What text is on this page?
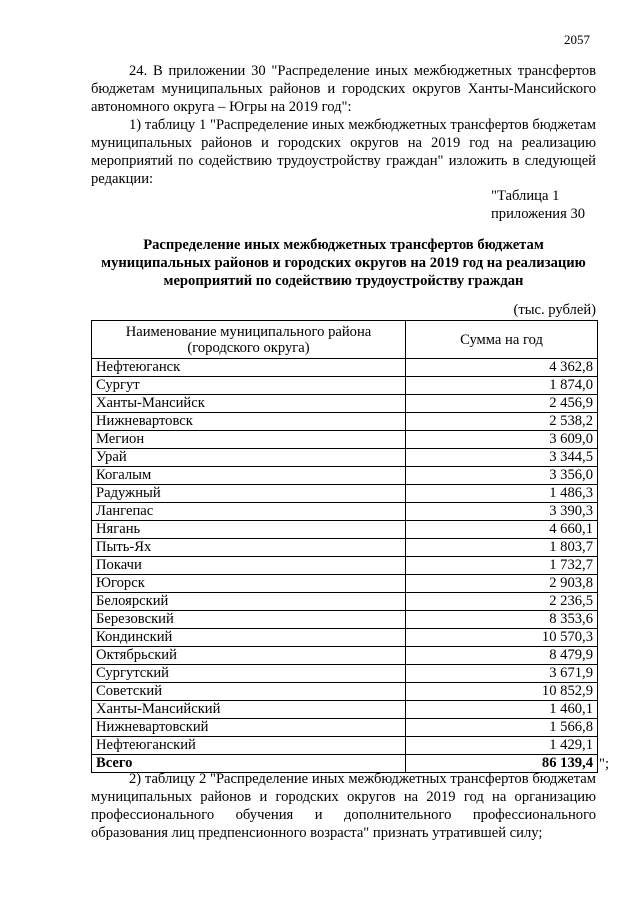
2057
24. В приложении 30 "Распределение иных межбюджетных трансфертов бюджетам муниципальных районов и городских округов Ханты-Мансийского автономного округа – Югры на 2019 год":
1) таблицу 1 "Распределение иных межбюджетных трансфертов бюджетам муниципальных районов и городских округов на 2019 год на реализацию мероприятий по содействию трудоустройству граждан" изложить в следующей редакции:
"Таблица 1
приложения 30
Распределение иных межбюджетных трансфертов бюджетам муниципальных районов и городских округов на 2019 год на реализацию мероприятий по содействию трудоустройству граждан
(тыс. рублей)
Наименование муниципального района (городского округа)	Сумма на год
Нефтеюганск	4 362,8
Сургут	1 874,0
Ханты-Мансийск	2 456,9
Нижневартовск	2 538,2
Мегион	3 609,0
Урай	3 344,5
Когалым	3 356,0
Радужный	1 486,3
Лангепас	3 390,3
Нягань	4 660,1
Пыть-Ях	1 803,7
Покачи	1 732,7
Югорск	2 903,8
Белоярский	2 236,5
Березовский	8 353,6
Кондинский	10 570,3
Октябрьский	8 479,9
Сургутский	3 671,9
Советский	10 852,9
Ханты-Мансийский	1 460,1
Нижневартовский	1 566,8
Нефтеюганский	1 429,1
Всего	86 139,4 ";
2) таблицу 2 "Распределение иных межбюджетных трансфертов бюджетам муниципальных районов и городских округов на 2019 год на организацию профессионального обучения и дополнительного профессионального образования лиц предпенсионного возраста" признать утратившей силу;
